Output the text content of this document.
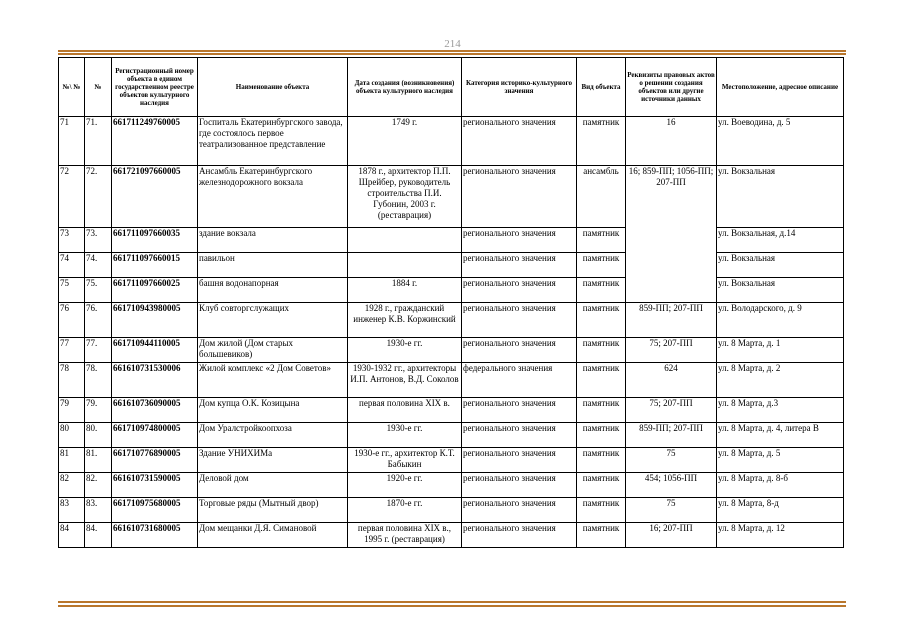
214
№\ №	№	Регистрационный номер объекта в едином государственном реестре объектов культурного наследия	Наименование объекта	Дата создания (возникновения) объекта культурного наследия	Категория историко-культурного значения	Вид объекта	Реквизиты правовых актов о решении создания объектов или другие источники данных	Местоположение, адресное описание
71	71.	661711249760005	Госпиталь Екатеринбургского завода, где состоялось первое театрализованное представление	1749 г.	регионального значения	памятник	16	ул. Воеводина, д. 5
72	72.	661721097660005	Ансамбль Екатеринбургского железнодорожного вокзала	1878 г., архитектор П.П. Шрейбер, руководитель строительства П.И. Губонин, 2003 г. (реставрация)	регионального значения	ансамбль	16; 859-ПП; 1056-ПП; 207-ПП	ул. Вокзальная
73	73.	661711097660035	здание вокзала		регионального значения	памятник		ул. Вокзальная, д.14
74	74.	661711097660015	павильон		регионального значения	памятник		ул. Вокзальная
75	75.	661711097660025	башня водонапорная	1884 г.	регионального значения	памятник		ул. Вокзальная
76	76.	661710943980005	Клуб совторгслужащих	1928 г., гражданский инженер К.В. Коржинский	регионального значения	памятник	859-ПП; 207-ПП	ул. Володарского, д. 9
77	77.	661710944110005	Дом жилой (Дом старых большевиков)	1930-е гг.	регионального значения	памятник	75; 207-ПП	ул. 8 Марта, д. 1
78	78.	661610731530006	Жилой комплекс «2 Дом Советов»	1930-1932 гг., архитекторы И.П. Антонов, В.Д. Соколов	федерального значения	памятник	624	ул. 8 Марта, д. 2
79	79.	661610736090005	Дом купца О.К. Козицына	первая половина XIX в.	регионального значения	памятник	75; 207-ПП	ул. 8 Марта, д.3
80	80.	661710974800005	Дом Уралстройкоопхоза	1930-е гг.	регионального значения	памятник	859-ПП; 207-ПП	ул. 8 Марта, д. 4, литера В
81	81.	661710776890005	Здание УНИХИМа	1930-е гг., архитектор К.Т. Бабыкин	регионального значения	памятник	75	ул. 8 Марта, д. 5
82	82.	661610731590005	Деловой дом	1920-е гг.	регионального значения	памятник	454; 1056-ПП	ул. 8 Марта, д. 8-б
83	83.	661710975680005	Торговые ряды (Мытный двор)	1870-е гг.	регионального значения	памятник	75	ул. 8 Марта, 8-д
84	84.	661610731680005	Дом мещанки Д.Я. Симановой	первая половина XIX в., 1995 г. (реставрация)	регионального значения	памятник	16; 207-ПП	ул. 8 Марта, д. 12
